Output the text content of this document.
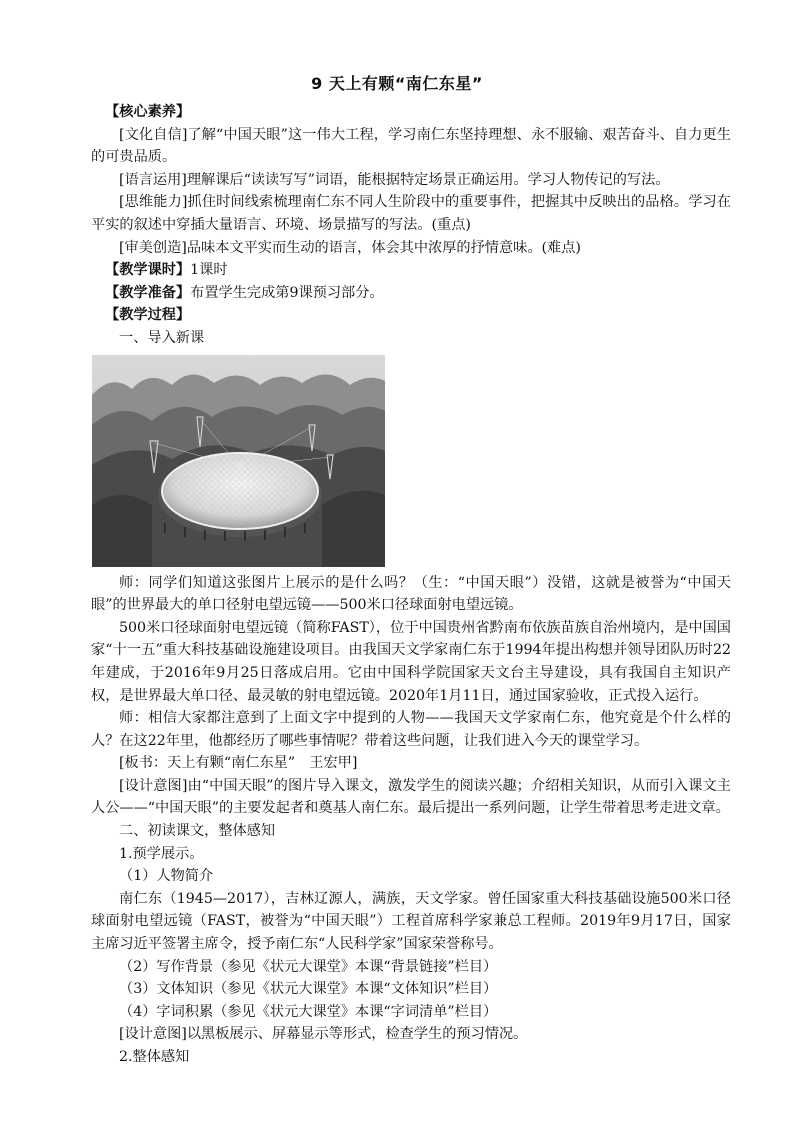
9 天上有颗“南仁东星”

【核心素养】

[文化自信]了解“中国天眼”这一伟大工程，学习南仁东坚持理想、永不服输、艰苦奋斗、自力更生的可贵品质。

[语言运用]理解课后“读读写写”词语，能根据特定场景正确运用。学习人物传记的写法。

[思维能力]抓住时间线索梳理南仁东不同人生阶段中的重要事件，把握其中反映出的品格。学习在平实的叙述中穿插大量语言、环境、场景描写的写法。(重点)

[审美创造]品味本文平实而生动的语言，体会其中浓厚的抒情意味。(难点)

【教学课时】1课时

【教学准备】布置学生完成第9课预习部分。

【教学过程】

一、导入新课

师：同学们知道这张图片上展示的是什么吗？（生：“中国天眼”）没错，这就是被誉为“中国天眼”的世界最大的单口径射电望远镜——500米口径球面射电望远镜。

500米口径球面射电望远镜（简称FAST），位于中国贵州省黔南布依族苗族自治州境内，是中国国家“十一五”重大科技基础设施建设项目。由我国天文学家南仁东于1994年提出构想并领导团队历时22年建成，于2016年9月25日落成启用。它由中国科学院国家天文台主导建设，具有我国自主知识产权，是世界最大单口径、最灵敏的射电望远镜。2020年1月11日，通过国家验收，正式投入运行。

师：相信大家都注意到了上面文字中提到的人物——我国天文学家南仁东，他究竟是个什么样的人？在这22年里，他都经历了哪些事情呢？带着这些问题，让我们进入今天的课堂学习。

[板书：天上有颗“南仁东星”　王宏甲]

[设计意图]由“中国天眼”的图片导入课文，激发学生的阅读兴趣；介绍相关知识，从而引入课文主人公——“中国天眼”的主要发起者和奠基人南仁东。最后提出一系列问题，让学生带着思考走进文章。

二、初读课文，整体感知

1.预学展示。

（1）人物简介

南仁东（1945—2017），吉林辽源人，满族，天文学家。曾任国家重大科技基础设施500米口径球面射电望远镜（FAST，被誉为“中国天眼”）工程首席科学家兼总工程师。2019年9月17日，国家主席习近平签署主席令，授予南仁东“人民科学家”国家荣誉称号。

（2）写作背景（参见《状元大课堂》本课“背景链接”栏目）

（3）文体知识（参见《状元大课堂》本课“文体知识”栏目）

（4）字词积累（参见《状元大课堂》本课“字词清单”栏目）

[设计意图]以黑板展示、屏幕显示等形式，检查学生的预习情况。

2.整体感知
